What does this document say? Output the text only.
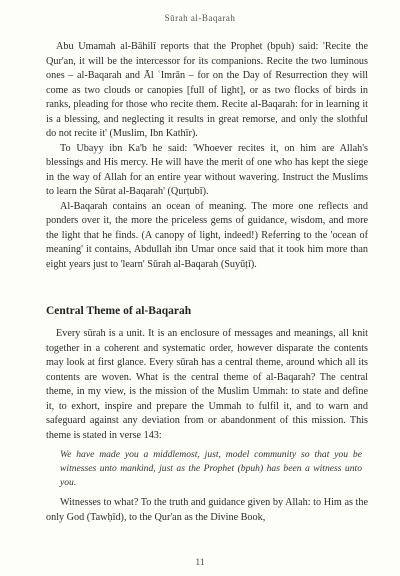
Sūrah al-Baqarah

Abu Umamah al-Bāhilī reports that the Prophet (bpuh) said: 'Recite the Qur'an, it will be the intercessor for its companions. Recite the two luminous ones – al-Baqarah and Āl ʿImrān – for on the Day of Resurrection they will come as two clouds or canopies [full of light], or as two flocks of birds in ranks, pleading for those who recite them. Recite al-Baqarah: for in learning it is a blessing, and neglecting it results in great remorse, and only the slothful do not recite it' (Muslim, Ibn Kathīr).

To Ubayy ibn Ka'b he said: 'Whoever recites it, on him are Allah's blessings and His mercy. He will have the merit of one who has kept the siege in the way of Allah for an entire year without wavering. Instruct the Muslims to learn the Sūrat al-Baqarah' (Qurṭubī).

Al-Baqarah contains an ocean of meaning. The more one reflects and ponders over it, the more the priceless gems of guidance, wisdom, and more the light that he finds. (A canopy of light, indeed!) Referring to the 'ocean of meaning' it contains, Abdullah ibn Umar once said that it took him more than eight years just to 'learn' Sūrah al-Baqarah (Suyūṭī).

Central Theme of al-Baqarah

Every sūrah is a unit. It is an enclosure of messages and meanings, all knit together in a coherent and systematic order, however disparate the contents may look at first glance. Every sūrah has a central theme, around which all its contents are woven. What is the central theme of al-Baqarah? The central theme, in my view, is the mission of the Muslim Ummah: to state and define it, to exhort, inspire and prepare the Ummah to fulfil it, and to warn and safeguard against any deviation from or abandonment of this mission. This theme is stated in verse 143:

We have made you a middlemost, just, model community so that you be witnesses unto mankind, just as the Prophet (bpuh) has been a witness unto you.

Witnesses to what? To the truth and guidance given by Allah: to Him as the only God (Tawḥīd), to the Qur'an as the Divine Book,

11
